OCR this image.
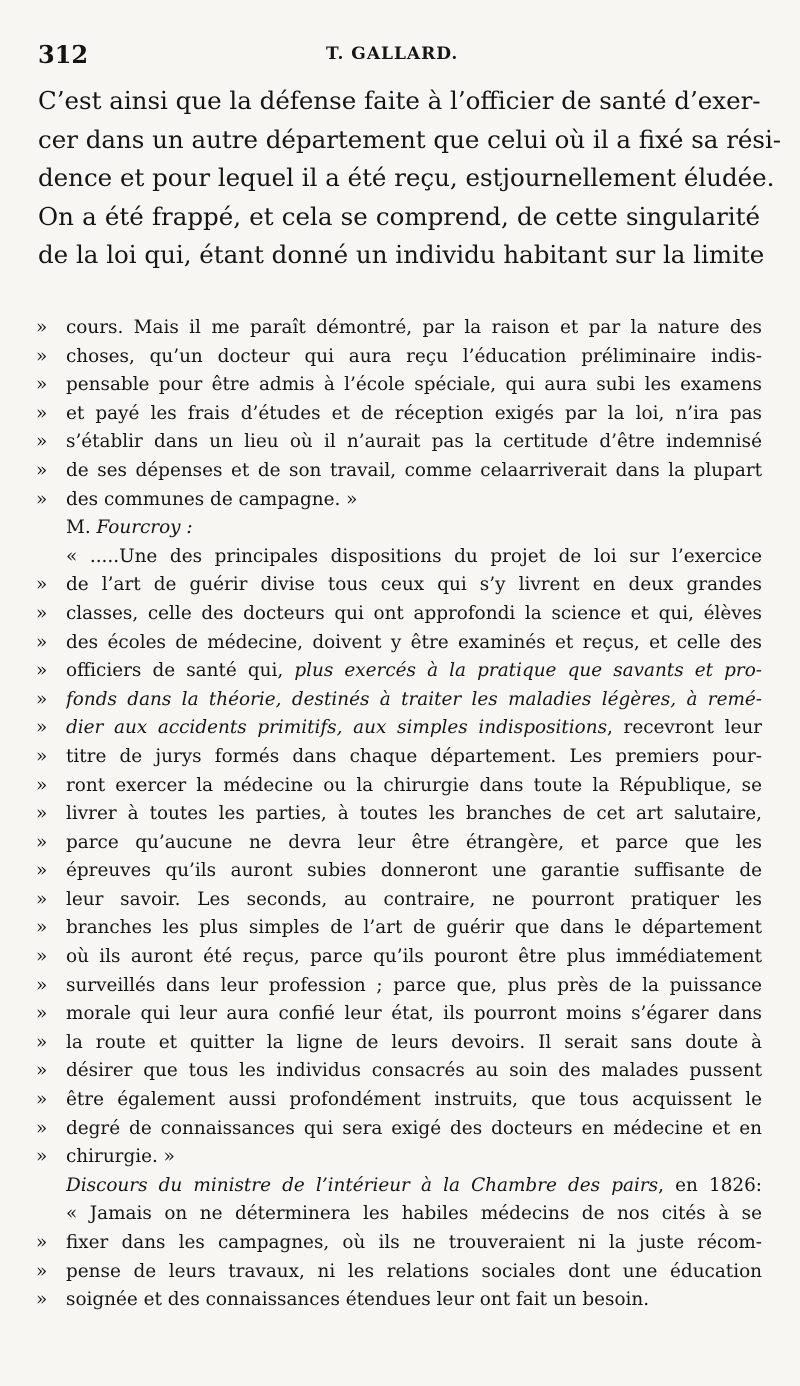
312	T. GALLARD.
C’est ainsi que la défense faite à l’officier de santé d’exer-
cer dans un autre département que celui où il a fixé sa rési-
dence et pour lequel il a été reçu, estjournellement éludée.
On a été frappé, et cela se comprend, de cette singularité
de la loi qui, étant donné un individu habitant sur la limite
»	cours. Mais il me paraît démontré, par la raison et par la nature des
»	choses, qu’un docteur qui aura reçu l’éducation préliminaire indis-
»	pensable pour être admis à l’école spéciale, qui aura subi les examens
»	et payé les frais d’études et de réception exigés par la loi, n’ira pas
»	s’établir dans un lieu où il n’aurait pas la certitude d’être indemnisé
»	de ses dépenses et de son travail, comme celaarriverait dans la plupart
»	des communes de campagne. »
M. Fourcroy :
« .....Une des principales dispositions du projet de loi sur l’exercice
»	de l’art de guérir divise tous ceux qui s’y livrent en deux grandes
»	classes, celle des docteurs qui ont approfondi la science et qui, élèves
»	des écoles de médecine, doivent y être examinés et reçus, et celle des
»	officiers de santé qui, plus exercés à la pratique que savants et pro-
»	fonds dans la théorie, destinés à traiter les maladies légères, à remé-
»	dier aux accidents primitifs, aux simples indispositions, recevront leur
»	titre de jurys formés dans chaque département. Les premiers pour-
»	ront exercer la médecine ou la chirurgie dans toute la République, se
»	livrer à toutes les parties, à toutes les branches de cet art salutaire,
»	parce qu’aucune ne devra leur être étrangère, et parce que les
»	épreuves qu’ils auront subies donneront une garantie suffisante de
»	leur savoir. Les seconds, au contraire, ne pourront pratiquer les
»	branches les plus simples de l’art de guérir que dans le département
»	où ils auront été reçus, parce qu’ils pouront être plus immédiatement
»	surveillés dans leur profession ; parce que, plus près de la puissance
»	morale qui leur aura confié leur état, ils pourront moins s’égarer dans
»	la route et quitter la ligne de leurs devoirs. Il serait sans doute à
»	désirer que tous les individus consacrés au soin des malades pussent
»	être également aussi profondément instruits, que tous acquissent le
»	degré de connaissances qui sera exigé des docteurs en médecine et en
»	chirurgie. »
Discours du ministre de l’intérieur à la Chambre des pairs, en 1826:
« Jamais on ne déterminera les habiles médecins de nos cités à se
»	fixer dans les campagnes, où ils ne trouveraient ni la juste récom-
»	pense de leurs travaux, ni les relations sociales dont une éducation
»	soignée et des connaissances étendues leur ont fait un besoin.
